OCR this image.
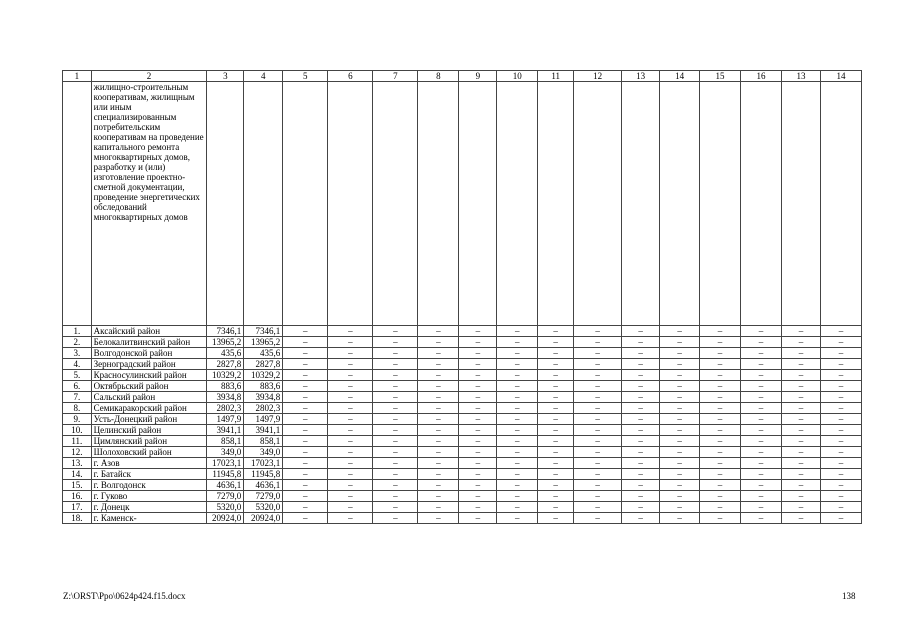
1	2	3	4	5	6	7	8	9	10	11	12	13	14	15	16	13	14
	жилищно-строительным кооперативам, жилищным или иным специализированным потребительским кооперативам на проведение капитального ремонта многоквартирных домов, разработку и (или) изготовление проектно-сметной документации, проведение энергетических обследований многоквартирных домов																
1.	Аксайский район	7346,1	7346,1	–	–	–	–	–	–	–	–	–	–	–	–	–	–
2.	Белокалитвинский район	13965,2	13965,2	–	–	–	–	–	–	–	–	–	–	–	–	–	–
3.	Волгодонской район	435,6	435,6	–	–	–	–	–	–	–	–	–	–	–	–	–	–
4.	Зерноградский район	2827,8	2827,8	–	–	–	–	–	–	–	–	–	–	–	–	–	–
5.	Красносулинский район	10329,2	10329,2	–	–	–	–	–	–	–	–	–	–	–	–	–	–
6.	Октябрьский район	883,6	883,6	–	–	–	–	–	–	–	–	–	–	–	–	–	–
7.	Сальский район	3934,8	3934,8	–	–	–	–	–	–	–	–	–	–	–	–	–	–
8.	Семикаракорский район	2802,3	2802,3	–	–	–	–	–	–	–	–	–	–	–	–	–	–
9.	Усть-Донецкий район	1497,9	1497,9	–	–	–	–	–	–	–	–	–	–	–	–	–	–
10.	Целинский район	3941,1	3941,1	–	–	–	–	–	–	–	–	–	–	–	–	–	–
11.	Цимлянский район	858,1	858,1	–	–	–	–	–	–	–	–	–	–	–	–	–	–
12.	Шолоховский район	349,0	349,0	–	–	–	–	–	–	–	–	–	–	–	–	–	–
13.	г. Азов	17023,1	17023,1	–	–	–	–	–	–	–	–	–	–	–	–	–	–
14.	г. Батайск	11945,8	11945,8	–	–	–	–	–	–	–	–	–	–	–	–	–	–
15.	г. Волгодонск	4636,1	4636,1	–	–	–	–	–	–	–	–	–	–	–	–	–	–
16.	г. Гуково	7279,0	7279,0	–	–	–	–	–	–	–	–	–	–	–	–	–	–
17.	г. Донецк	5320,0	5320,0	–	–	–	–	–	–	–	–	–	–	–	–	–	–
18.	г. Каменск-	20924,0	20924,0	–	–	–	–	–	–	–	–	–	–	–	–	–	–
Z:\ORST\Ppo\0624p424.f15.docx	138
